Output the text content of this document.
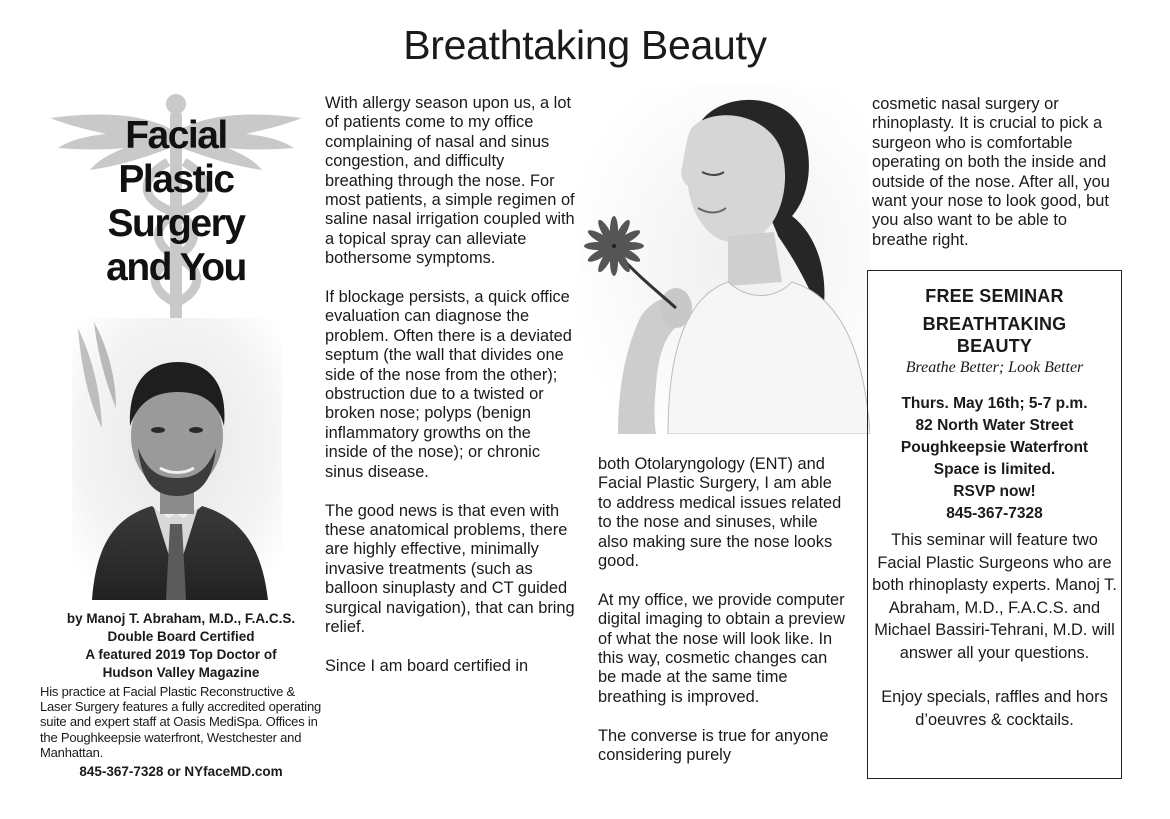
Breathtaking Beauty
Facial
Plastic
Surgery
and You
by Manoj T. Abraham, M.D., F.A.C.S.
Double Board Certified
A featured 2019 Top Doctor of
Hudson Valley Magazine
His practice at Facial Plastic Reconstructive & Laser Surgery features a fully accredited operating suite and expert staff at Oasis MediSpa. Offices in the Poughkeepsie waterfront, Westchester and Manhattan.
845-367-7328 or NYfaceMD.com

With allergy season upon us, a lot of patients come to my office complaining of nasal and sinus congestion, and difficulty breathing through the nose. For most patients, a simple regimen of saline nasal irrigation coupled with a topical spray can alleviate bothersome symptoms.

If blockage persists, a quick office evaluation can diagnose the problem. Often there is a deviated septum (the wall that divides one side of the nose from the other); obstruction due to a twisted or broken nose; polyps (benign inflammatory growths on the inside of the nose); or chronic sinus disease.

The good news is that even with these anatomical problems, there are highly effective, minimally invasive treatments (such as balloon sinuplasty and CT guided surgical navigation), that can bring relief.

Since I am board certified in

both Otolaryngology (ENT) and Facial Plastic Surgery, I am able to address medical issues related to the nose and sinuses, while also making sure the nose looks good.

At my office, we provide computer digital imaging to obtain a preview of what the nose will look like. In this way, cosmetic changes can be made at the same time breathing is improved.

The converse is true for anyone considering purely

cosmetic nasal surgery or rhinoplasty. It is crucial to pick a surgeon who is comfortable operating on both the inside and outside of the nose. After all, you want your nose to look good, but you also want to be able to breathe right.

FREE SEMINAR
BREATHTAKING
BEAUTY
Breathe Better; Look Better
Thurs. May 16th; 5-7 p.m.
82 North Water Street
Poughkeepsie Waterfront
Space is limited.
RSVP now!
845-367-7328
This seminar will feature two Facial Plastic Surgeons who are both rhinoplasty experts. Manoj T. Abraham, M.D., F.A.C.S. and Michael Bassiri-Tehrani, M.D. will answer all your questions.
Enjoy specials, raffles and hors d’oeuvres & cocktails.
